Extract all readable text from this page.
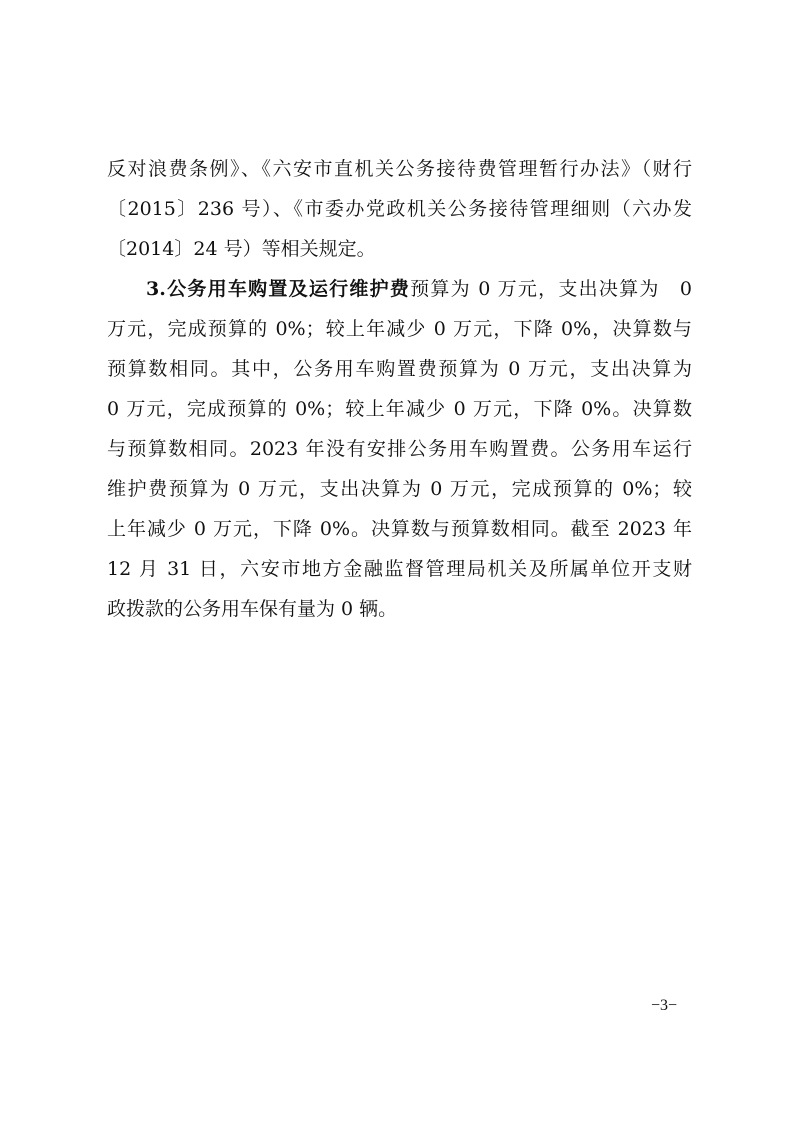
反对浪费条例》、《六安市直机关公务接待费管理暂行办法》（财行
〔2015〕236 号）、《市委办党政机关公务接待管理细则（六办发
〔2014〕24 号）等相关规定。
3.公务用车购置及运行维护费预算为 0 万元，支出决算为　0
万元，完成预算的 0%；较上年减少 0 万元，下降 0%，决算数与
预算数相同。其中，公务用车购置费预算为 0 万元，支出决算为
0 万元，完成预算的 0%；较上年减少 0 万元，下降 0%。决算数
与预算数相同。2023 年没有安排公务用车购置费。公务用车运行
维护费预算为 0 万元，支出决算为 0 万元，完成预算的 0%；较
上年减少 0 万元，下降 0%。决算数与预算数相同。截至 2023 年
12 月 31 日，六安市地方金融监督管理局机关及所属单位开支财
政拨款的公务用车保有量为 0 辆。
−3−
